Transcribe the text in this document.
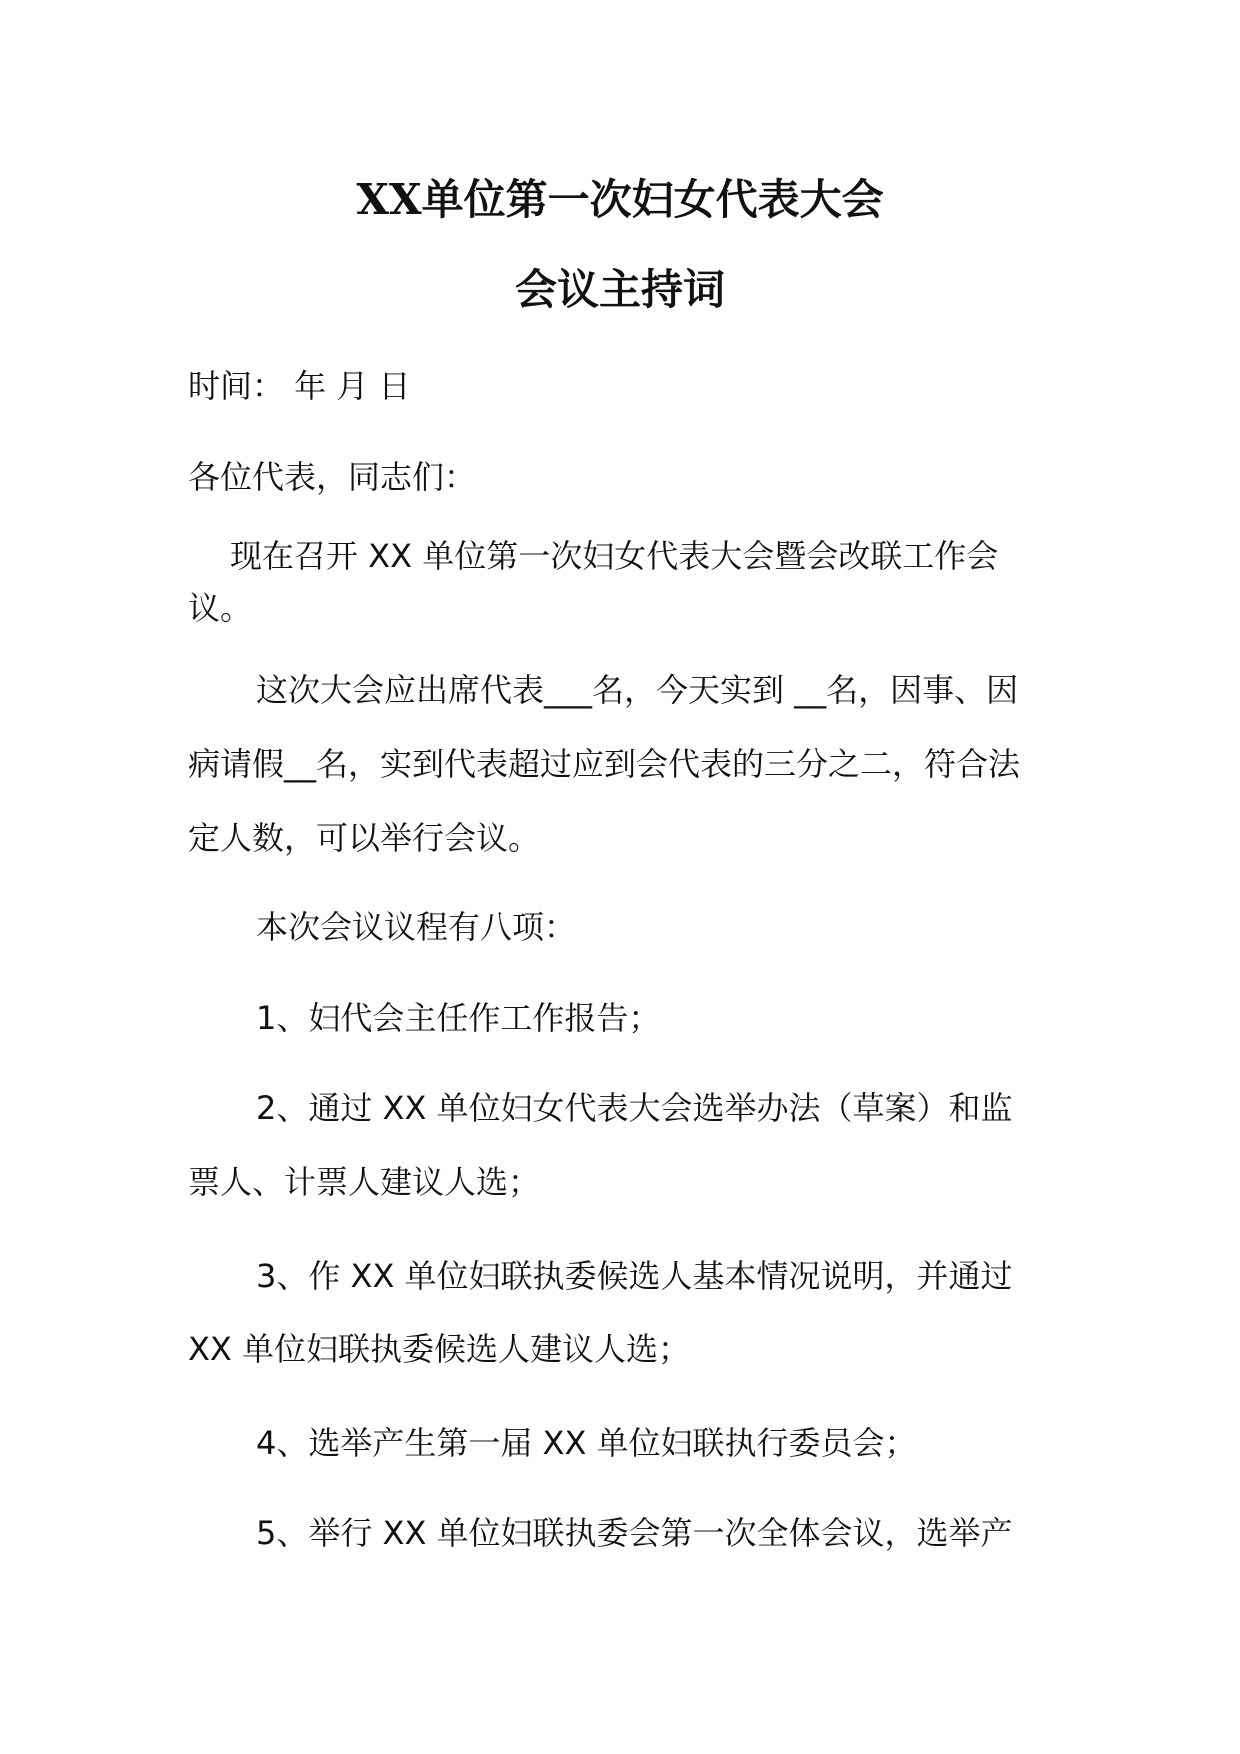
XX单位第一次妇女代表大会
会议主持词

时间： 年 月 日

各位代表，同志们：

现在召开 XX 单位第一次妇女代表大会暨会改联工作会

议。

这次大会应出席代表___名，今天实到 __名，因事、因

病请假__名，实到代表超过应到会代表的三分之二，符合法

定人数，可以举行会议。

本次会议议程有八项：

1、妇代会主任作工作报告；

2、通过 XX 单位妇女代表大会选举办法（草案）和监

票人、计票人建议人选；

3、作 XX 单位妇联执委候选人基本情况说明，并通过

XX 单位妇联执委候选人建议人选；

4、选举产生第一届 XX 单位妇联执行委员会；

5、举行 XX 单位妇联执委会第一次全体会议，选举产
